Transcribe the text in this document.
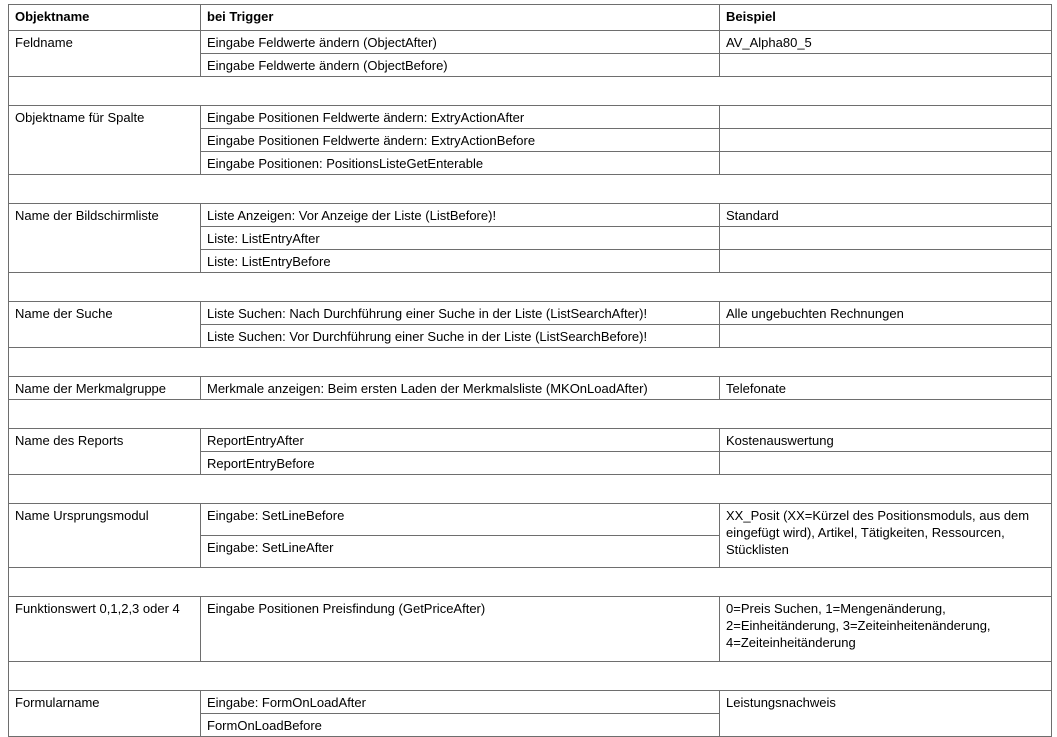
Objektname	bei Trigger	Beispiel
Feldname	Eingabe Feldwerte ändern (ObjectAfter)	AV_Alpha80_5
	Eingabe Feldwerte ändern (ObjectBefore)	

Objektname für Spalte	Eingabe Positionen Feldwerte ändern: ExtryActionAfter	
	Eingabe Positionen Feldwerte ändern: ExtryActionBefore	
	Eingabe Positionen: PositionsListeGetEnterable	

Name der Bildschirmliste	Liste Anzeigen: Vor Anzeige der Liste (ListBefore)!	Standard
	Liste: ListEntryAfter	
	Liste: ListEntryBefore	

Name der Suche	Liste Suchen: Nach Durchführung einer Suche in der Liste (ListSearchAfter)!	Alle ungebuchten Rechnungen
	Liste Suchen: Vor Durchführung einer Suche in der Liste (ListSearchBefore)!	

Name der Merkmalgruppe	Merkmale anzeigen: Beim ersten Laden der Merkmalsliste (MKOnLoadAfter)	Telefonate

Name des Reports	ReportEntryAfter	Kostenauswertung
	ReportEntryBefore	

Name Ursprungsmodul	Eingabe: SetLineBefore	XX_Posit (XX=Kürzel des Positionsmoduls, aus dem eingefügt wird), Artikel, Tätigkeiten, Ressourcen, Stücklisten
	Eingabe: SetLineAfter	

Funktionswert 0,1,2,3 oder 4	Eingabe Positionen Preisfindung (GetPriceAfter)	0=Preis Suchen, 1=Mengenänderung, 2=Einheitänderung, 3=Zeiteinheitenänderung, 4=Zeiteinheitänderung

Formularname	Eingabe: FormOnLoadAfter	Leistungsnachweis
	FormOnLoadBefore	
